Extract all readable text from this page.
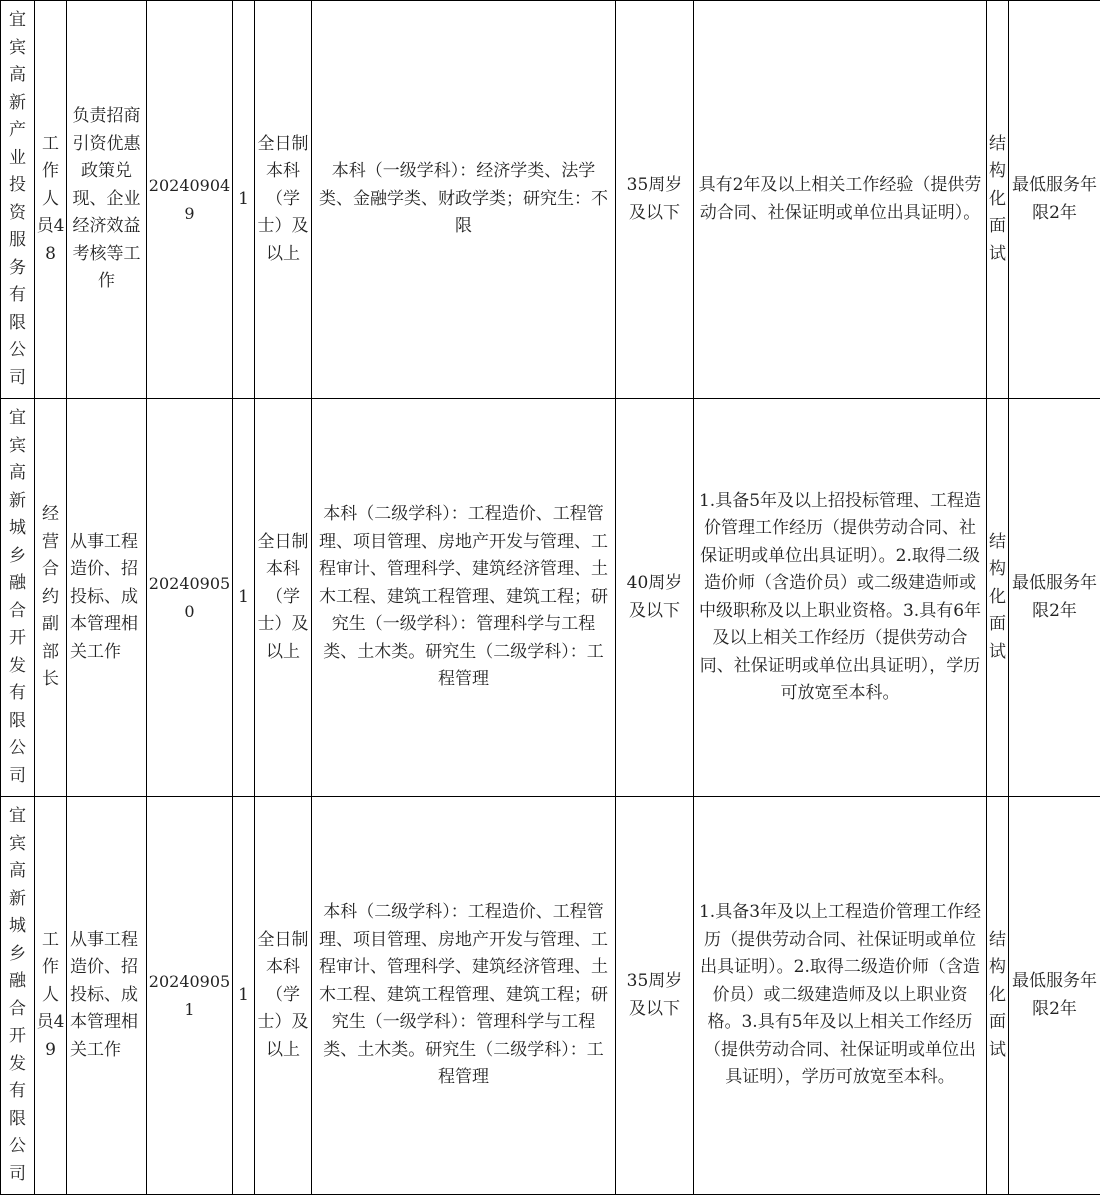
宜宾高新产业投资服务有限公司	工作人员48	负责招商引资优惠政策兑现、企业经济效益考核等工作	202409049	1	全日制本科（学士）及以上	本科（一级学科）：经济学类、法学类、金融学类、财政学类；研究生：不限	35周岁及以下	具有2年及以上相关工作经验（提供劳动合同、社保证明或单位出具证明）。	结构化面试	最低服务年限2年
宜宾高新城乡融合开发有限公司	经营合约副部长	从事工程造价、招投标、成本管理相关工作	202409050	1	全日制本科（学士）及以上	本科（二级学科）：工程造价、工程管理、项目管理、房地产开发与管理、工程审计、管理科学、建筑经济管理、土木工程、建筑工程管理、建筑工程；研究生（一级学科）：管理科学与工程类、土木类。研究生（二级学科）：工程管理	40周岁及以下	1.具备5年及以上招投标管理、工程造价管理工作经历（提供劳动合同、社保证明或单位出具证明）。2.取得二级造价师（含造价员）或二级建造师或中级职称及以上职业资格。3.具有6年及以上相关工作经历（提供劳动合同、社保证明或单位出具证明），学历可放宽至本科。	结构化面试	最低服务年限2年
宜宾高新城乡融合开发有限公司	工作人员49	从事工程造价、招投标、成本管理相关工作	202409051	1	全日制本科（学士）及以上	本科（二级学科）：工程造价、工程管理、项目管理、房地产开发与管理、工程审计、管理科学、建筑经济管理、土木工程、建筑工程管理、建筑工程；研究生（一级学科）：管理科学与工程类、土木类。研究生（二级学科）：工程管理	35周岁及以下	1.具备3年及以上工程造价管理工作经历（提供劳动合同、社保证明或单位出具证明）。2.取得二级造价师（含造价员）或二级建造师及以上职业资格。3.具有5年及以上相关工作经历（提供劳动合同、社保证明或单位出具证明），学历可放宽至本科。	结构化面试	最低服务年限2年
